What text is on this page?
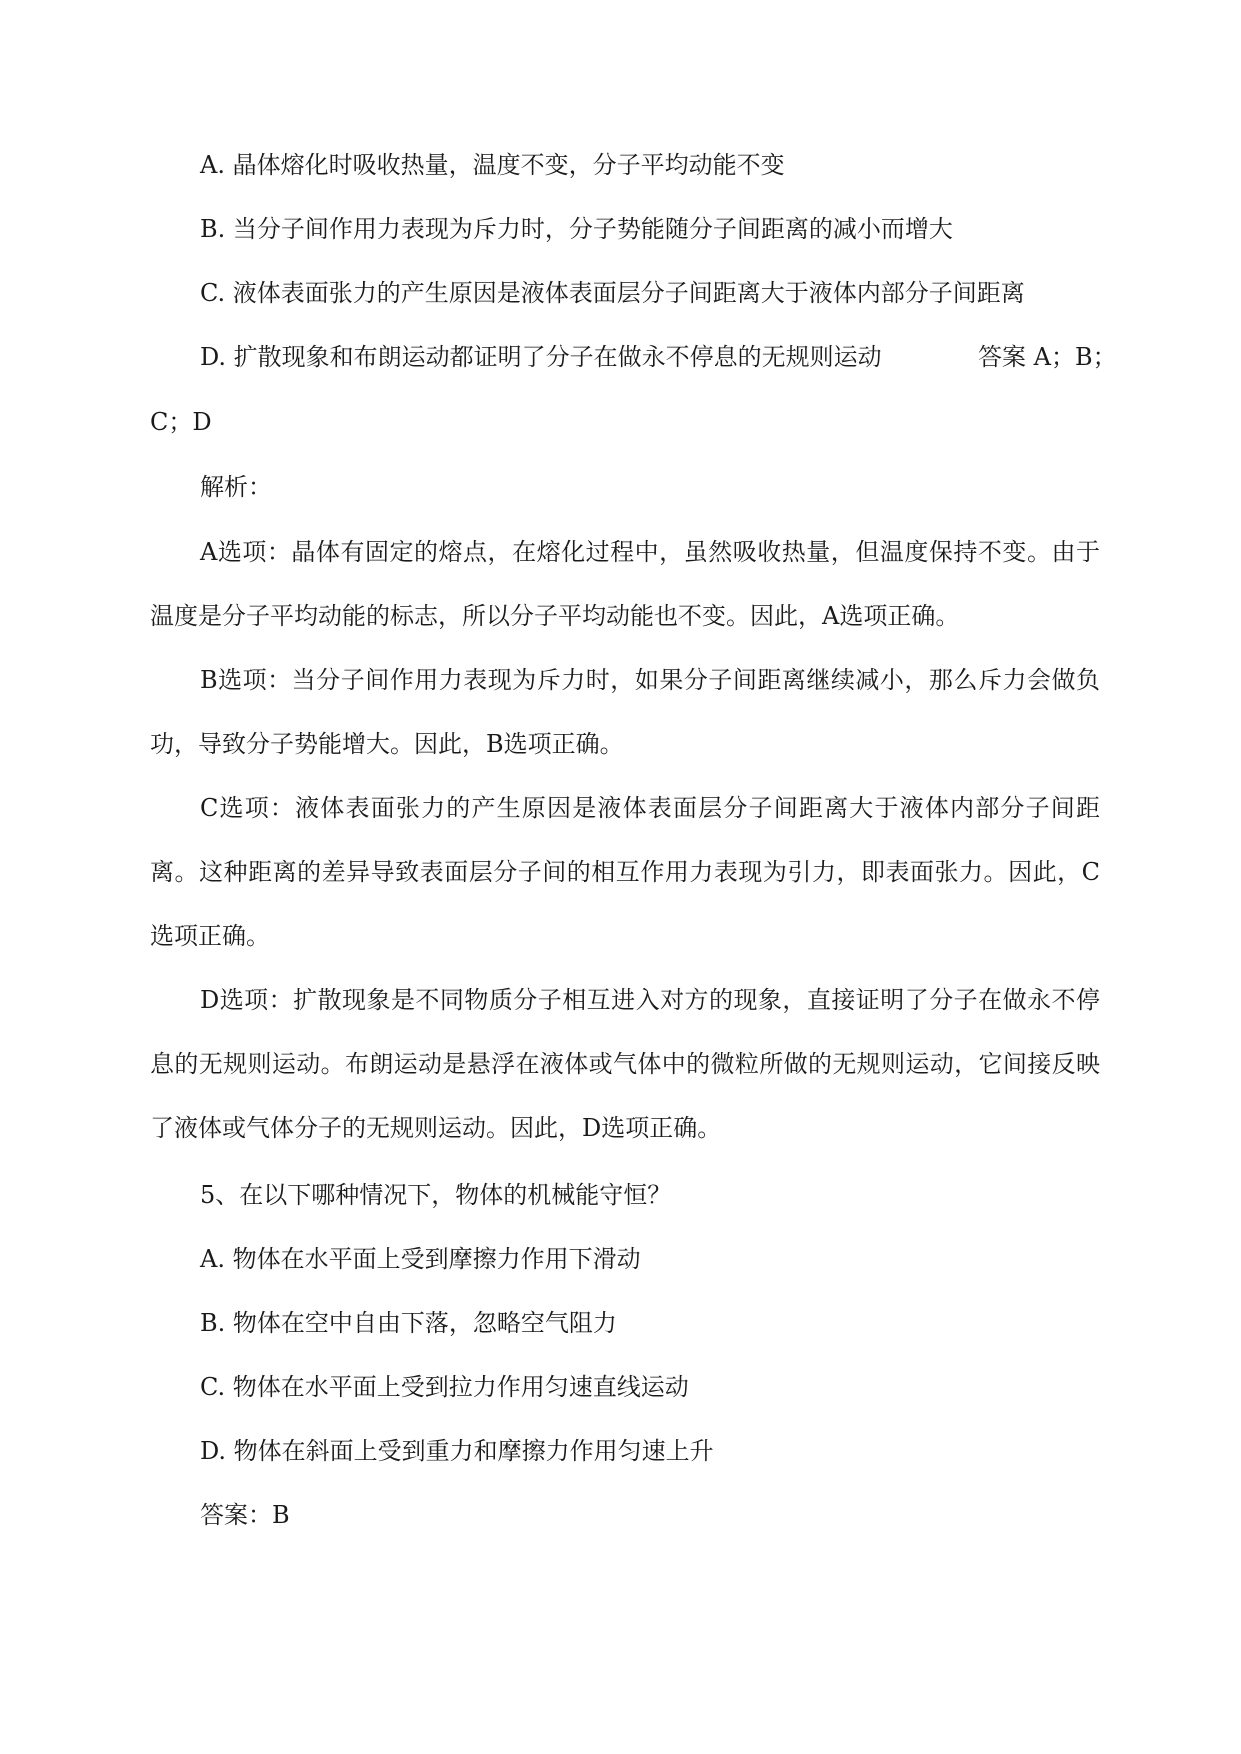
A. 晶体熔化时吸收热量，温度不变，分子平均动能不变
B. 当分子间作用力表现为斥力时，分子势能随分子间距离的减小而增大
C. 液体表面张力的产生原因是液体表面层分子间距离大于液体内部分子间距离
D. 扩散现象和布朗运动都证明了分子在做永不停息的无规则运动	答案 A；B；
C；D
解析：
A选项：晶体有固定的熔点，在熔化过程中，虽然吸收热量，但温度保持不变。由于温度是分子平均动能的标志，所以分子平均动能也不变。因此，A选项正确。
B选项：当分子间作用力表现为斥力时，如果分子间距离继续减小，那么斥力会做负功，导致分子势能增大。因此，B选项正确。
C选项：液体表面张力的产生原因是液体表面层分子间距离大于液体内部分子间距离。这种距离的差异导致表面层分子间的相互作用力表现为引力，即表面张力。因此，C选项正确。
D选项：扩散现象是不同物质分子相互进入对方的现象，直接证明了分子在做永不停息的无规则运动。布朗运动是悬浮在液体或气体中的微粒所做的无规则运动，它间接反映了液体或气体分子的无规则运动。因此，D选项正确。
5、在以下哪种情况下，物体的机械能守恒？
A. 物体在水平面上受到摩擦力作用下滑动
B. 物体在空中自由下落，忽略空气阻力
C. 物体在水平面上受到拉力作用匀速直线运动
D. 物体在斜面上受到重力和摩擦力作用匀速上升
答案：B
